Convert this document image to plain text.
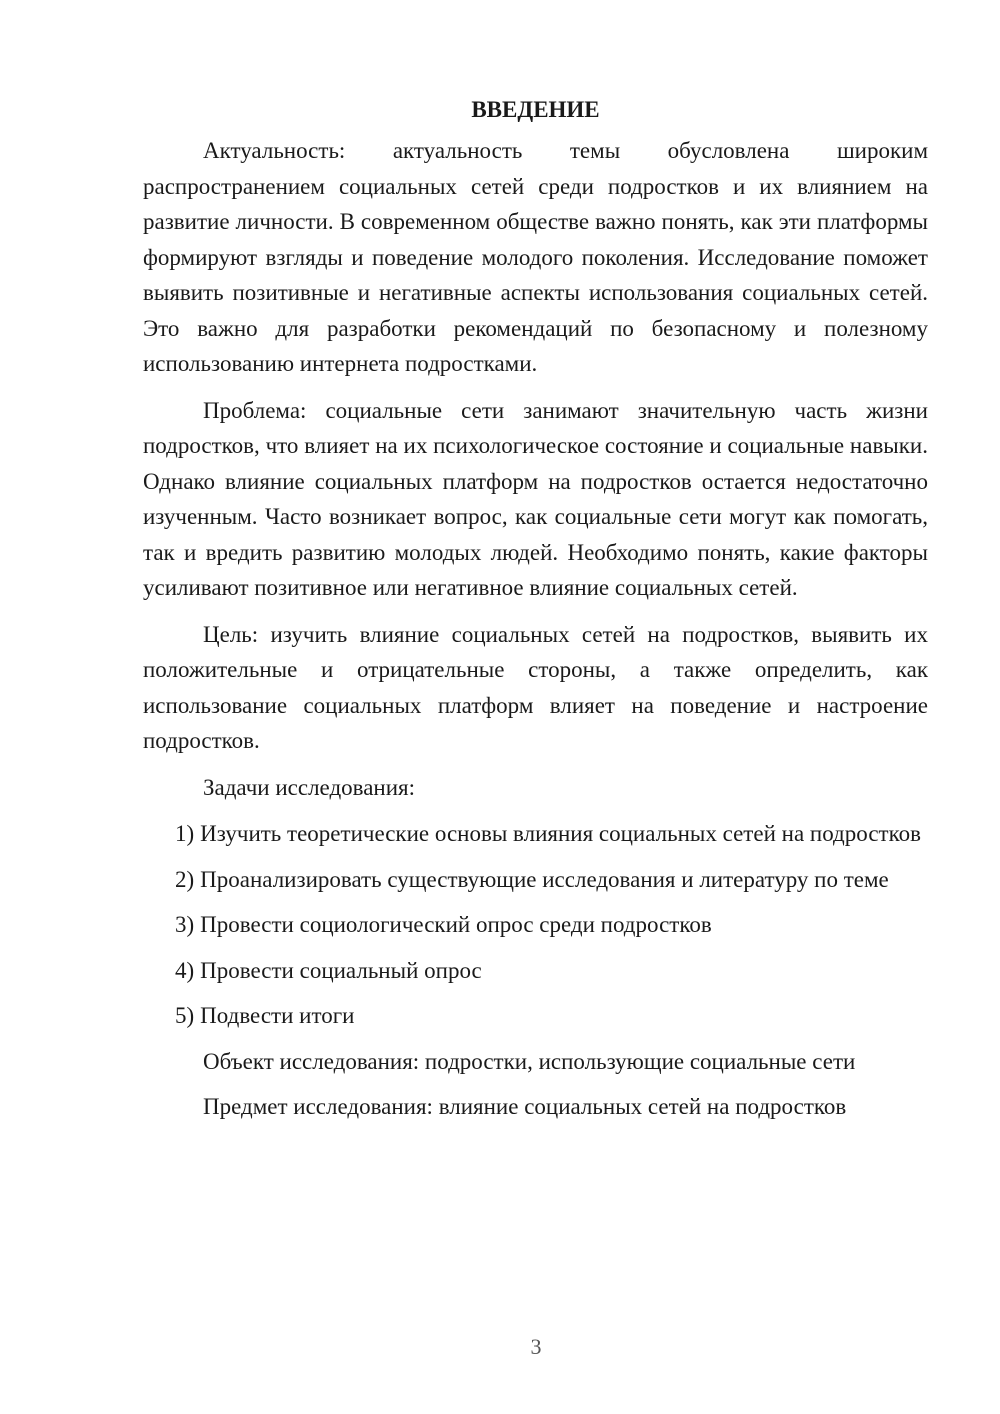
ВВЕДЕНИЕ

Актуальность: актуальность темы обусловлена широким распространением социальных сетей среди подростков и их влиянием на развитие личности. В современном обществе важно понять, как эти платформы формируют взгляды и поведение молодого поколения. Исследование поможет выявить позитивные и негативные аспекты использования социальных сетей. Это важно для разработки рекомендаций по безопасному и полезному использованию интернета подростками.

Проблема: социальные сети занимают значительную часть жизни подростков, что влияет на их психологическое состояние и социальные навыки. Однако влияние социальных платформ на подростков остается недостаточно изученным. Часто возникает вопрос, как социальные сети могут как помогать, так и вредить развитию молодых людей. Необходимо понять, какие факторы усиливают позитивное или негативное влияние социальных сетей.

Цель: изучить влияние социальных сетей на подростков, выявить их положительные и отрицательные стороны, а также определить, как использование социальных платформ влияет на поведение и настроение подростков.

Задачи исследования:

1) Изучить теоретические основы влияния социальных сетей на подростков

2) Проанализировать существующие исследования и литературу по теме

3) Провести социологический опрос среди подростков

4) Провести социальный опрос

5) Подвести итоги

Объект исследования: подростки, использующие социальные сети

Предмет исследования: влияние социальных сетей на подростков

3
